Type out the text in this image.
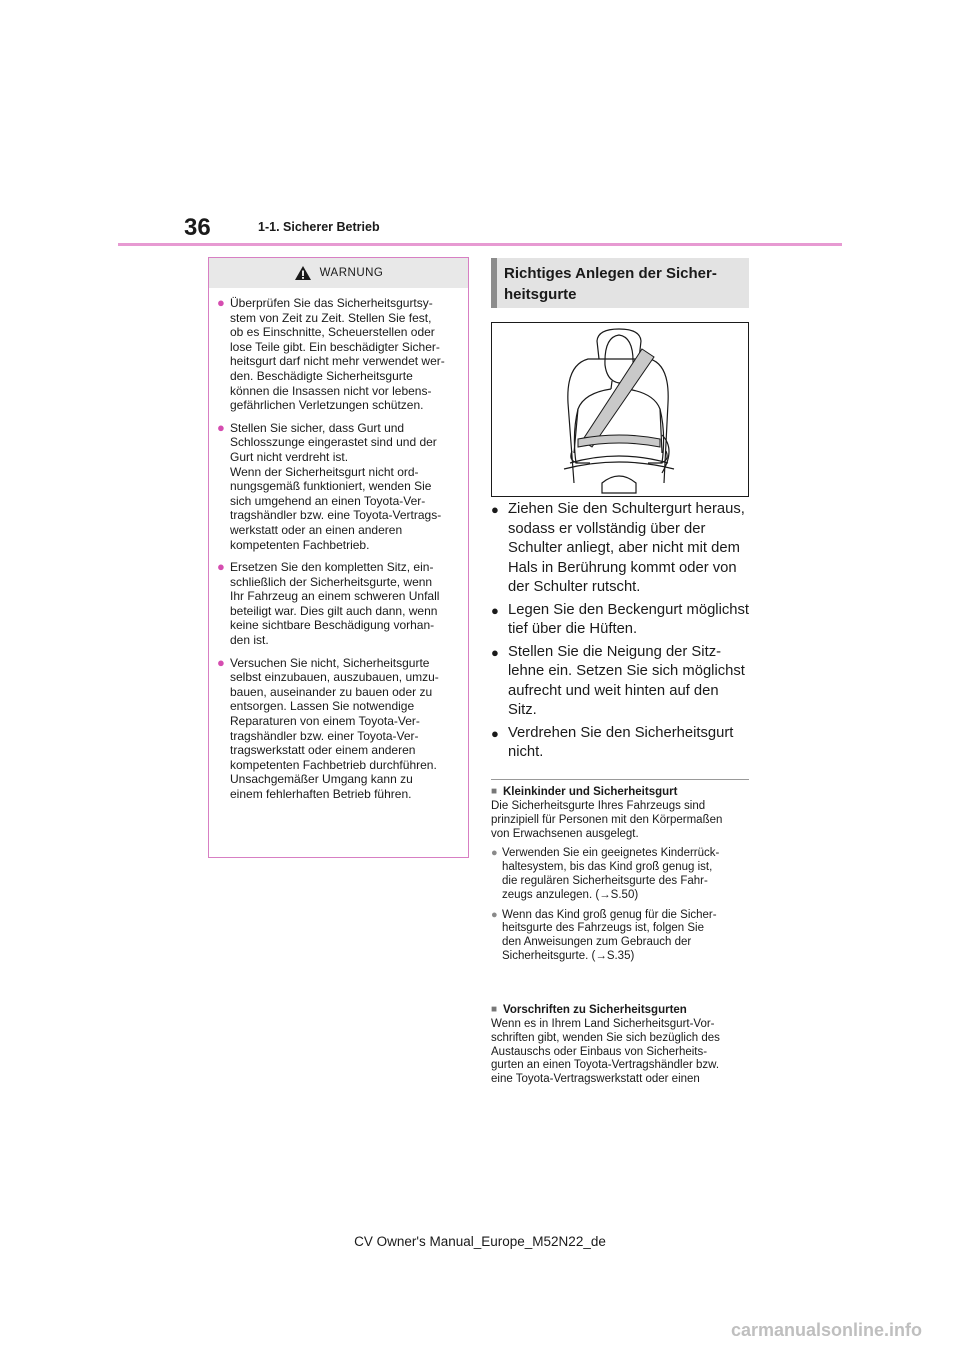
36	1-1. Sicherer Betrieb
WARNUNG
● Überprüfen Sie das Sicherheitsgurtsy-
stem von Zeit zu Zeit. Stellen Sie fest,
ob es Einschnitte, Scheuerstellen oder
lose Teile gibt. Ein beschädigter Sicher-
heitsgurt darf nicht mehr verwendet wer-
den. Beschädigte Sicherheitsgurte
können die Insassen nicht vor lebens-
gefährlichen Verletzungen schützen.
● Stellen Sie sicher, dass Gurt und
Schlosszunge eingerastet sind und der
Gurt nicht verdreht ist.
Wenn der Sicherheitsgurt nicht ord-
nungsgemäß funktioniert, wenden Sie
sich umgehend an einen Toyota-Ver-
tragshändler bzw. eine Toyota-Vertrags-
werkstatt oder an einen anderen
kompetenten Fachbetrieb.
● Ersetzen Sie den kompletten Sitz, ein-
schließlich der Sicherheitsgurte, wenn
Ihr Fahrzeug an einem schweren Unfall
beteiligt war. Dies gilt auch dann, wenn
keine sichtbare Beschädigung vorhan-
den ist.
● Versuchen Sie nicht, Sicherheitsgurte
selbst einzubauen, auszubauen, umzu-
bauen, auseinander zu bauen oder zu
entsorgen. Lassen Sie notwendige
Reparaturen von einem Toyota-Ver-
tragshändler bzw. einer Toyota-Ver-
tragswerkstatt oder einem anderen
kompetenten Fachbetrieb durchführen.
Unsachgemäßer Umgang kann zu
einem fehlerhaften Betrieb führen.
Richtiges Anlegen der Sicher-
heitsgurte
● Ziehen Sie den Schultergurt heraus,
sodass er vollständig über der
Schulter anliegt, aber nicht mit dem
Hals in Berührung kommt oder von
der Schulter rutscht.
● Legen Sie den Beckengurt möglichst
tief über die Hüften.
● Stellen Sie die Neigung der Sitz-
lehne ein. Setzen Sie sich möglichst
aufrecht und weit hinten auf den
Sitz.
● Verdrehen Sie den Sicherheitsgurt
nicht.
■ Kleinkinder und Sicherheitsgurt
Die Sicherheitsgurte Ihres Fahrzeugs sind
prinzipiell für Personen mit den Körpermaßen
von Erwachsenen ausgelegt.
● Verwenden Sie ein geeignetes Kinderrück-
haltesystem, bis das Kind groß genug ist,
die regulären Sicherheitsgurte des Fahr-
zeugs anzulegen. (→S.50)
● Wenn das Kind groß genug für die Sicher-
heitsgurte des Fahrzeugs ist, folgen Sie
den Anweisungen zum Gebrauch der
Sicherheitsgurte. (→S.35)
■ Vorschriften zu Sicherheitsgurten
Wenn es in Ihrem Land Sicherheitsgurt-Vor-
schriften gibt, wenden Sie sich bezüglich des
Austauschs oder Einbaus von Sicherheits-
gurten an einen Toyota-Vertragshändler bzw.
eine Toyota-Vertragswerkstatt oder einen
CV Owner's Manual_Europe_M52N22_de
carmanualsonline.info
